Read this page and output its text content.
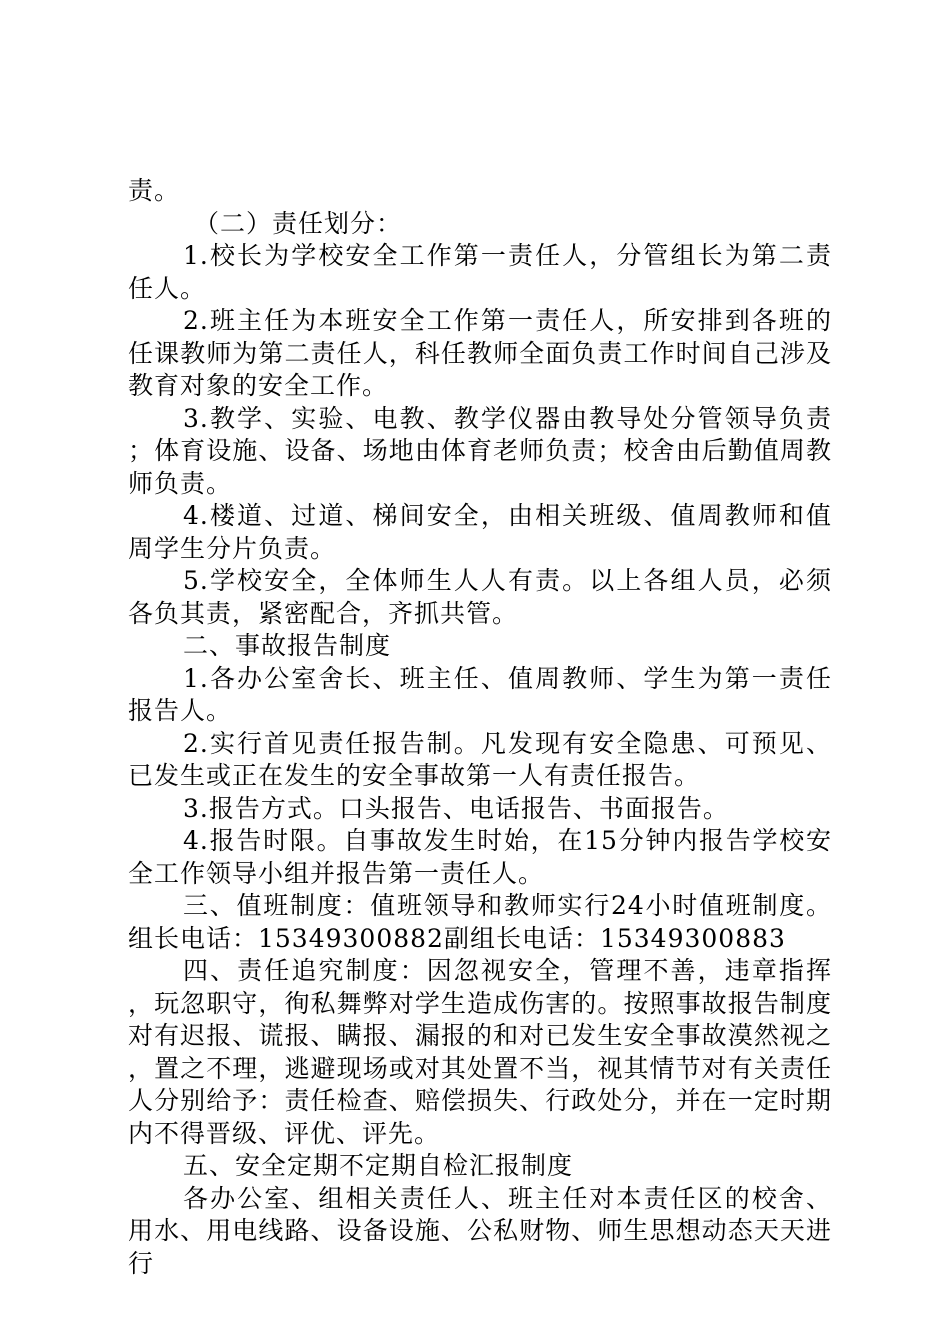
责。

（二）责任划分：

1.校长为学校安全工作第一责任人，分管组长为第二责任人。

2.班主任为本班安全工作第一责任人，所安排到各班的任课教师为第二责任人，科任教师全面负责工作时间自己涉及教育对象的安全工作。

3.教学、实验、电教、教学仪器由教导处分管领导负责；体育设施、设备、场地由体育老师负责；校舍由后勤值周教师负责。

4.楼道、过道、梯间安全，由相关班级、值周教师和值周学生分片负责。

5.学校安全，全体师生人人有责。以上各组人员，必须各负其责，紧密配合，齐抓共管。

二、事故报告制度

1.各办公室舍长、班主任、值周教师、学生为第一责任报告人。

2.实行首见责任报告制。凡发现有安全隐患、可预见、已发生或正在发生的安全事故第一人有责任报告。

3.报告方式。口头报告、电话报告、书面报告。

4.报告时限。自事故发生时始，在15分钟内报告学校安全工作领导小组并报告第一责任人。

三、值班制度：值班领导和教师实行24小时值班制度。组长电话：15349300882副组长电话：15349300883

四、责任追究制度：因忽视安全，管理不善，违章指挥，玩忽职守，徇私舞弊对学生造成伤害的。按照事故报告制度对有迟报、谎报、瞒报、漏报的和对已发生安全事故漠然视之，置之不理，逃避现场或对其处置不当，视其情节对有关责任人分别给予：责任检查、赔偿损失、行政处分，并在一定时期内不得晋级、评优、评先。

五、安全定期不定期自检汇报制度

各办公室、组相关责任人、班主任对本责任区的校舍、用水、用电线路、设备设施、公私财物、师生思想动态天天进行
